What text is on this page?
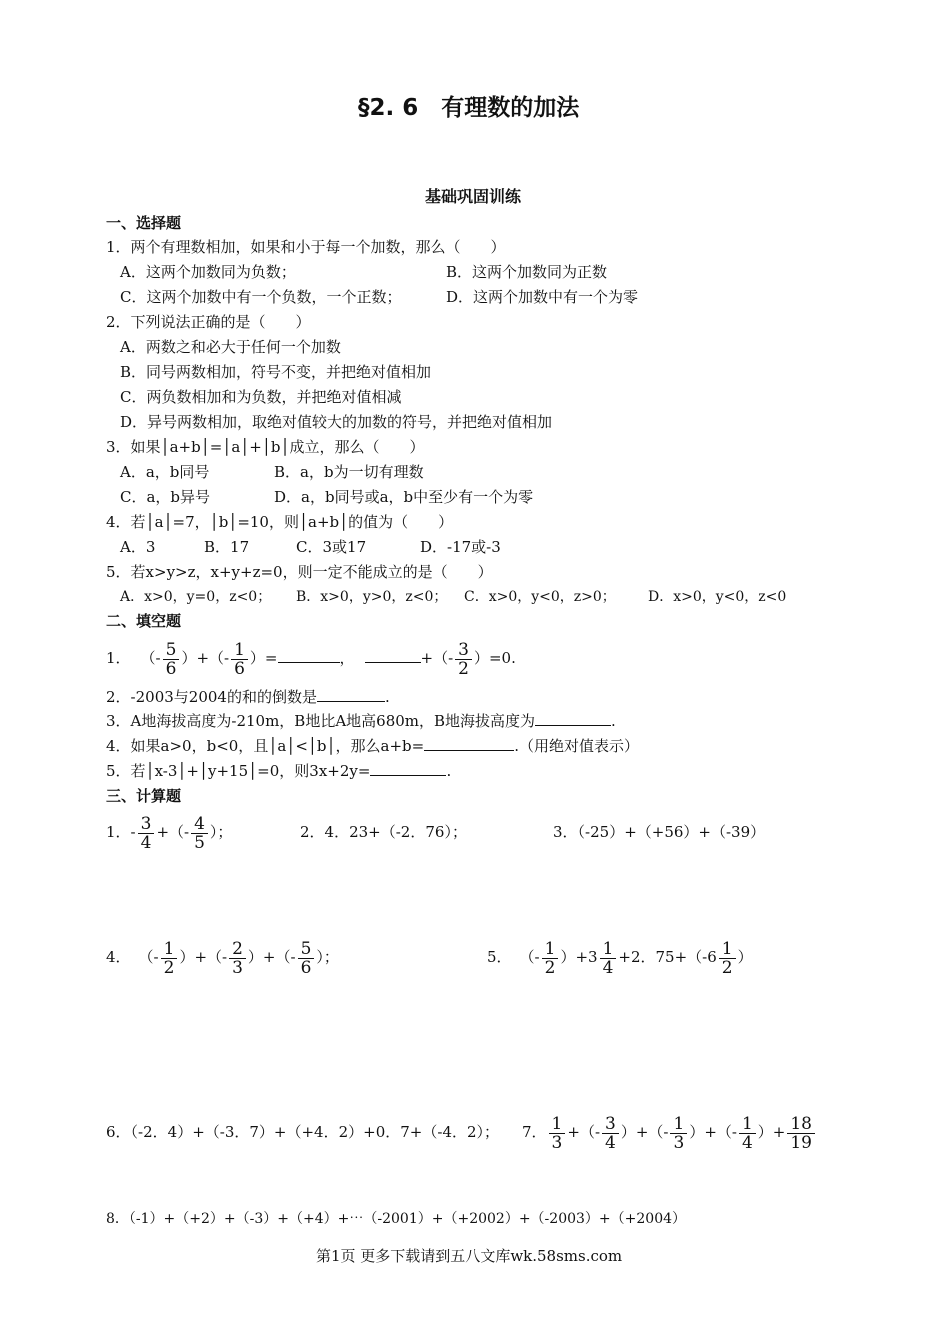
§2. 6　有理数的加法
基础巩固训练
一、选择题
1．两个有理数相加，如果和小于每一个加数，那么（　　）
A．这两个加数同为负数；	B．这两个加数同为正数
C．这两个加数中有一个负数，一个正数；	D．这两个加数中有一个为零
2．下列说法正确的是（　　）
A．两数之和必大于任何一个加数
B．同号两数相加，符号不变，并把绝对值相加
C．两负数相加和为负数，并把绝对值相减
D．异号两数相加，取绝对值较大的加数的符号，并把绝对值相加
3．如果│a+b│=│a│+│b│成立，那么（　　）
A．a，b同号	B．a，b为一切有理数
C．a，b异号	D．a，b同号或a，b中至少有一个为零
4．若│a│=7，│b│=10，则│a+b│的值为（　　）
A．3	B．17	C．3或17	D．-17或-3
5．若x>y>z，x+y+z=0，则一定不能成立的是（　　）
A．x>0，y=0，z<0； B．x>0，y>0，z<0； C．x>0，y<0，z>0； D．x>0，y<0，z<0
二、填空题
1． （- $\frac{5}{6}$ ）+（- $\frac{1}{6}$ ）=	，	+（- $\frac{3}{2} )=0$.
2．-2003与2004的和的倒数是	.
3．A地海拔高度为-210m，B地比A地高680m，B地海拔高度为	.
4．如果a>0，b<0，且│a│<│b│，那么a+b=	.（用绝对值表示）
5．若│x-3│+│y+15│=0，则3x+2y=	.
三、计算题
1．- $\frac{3}{4}$ +（- $\frac{4}{5}$ ）；	2．4．23+（-2．76）；	3．（-25）+（+56）+（-39）
4． （- $\frac{1}{2}$ ）+（- $\frac{2}{3}$ ）+（- $\frac{5}{6}$ ）；	5． （- $\frac{1}{2} )+3 \frac{1}{4} +2$．$75+(-6 \frac{1}{2}$ ）
6．（-2．4）+（-3．7）+（+4．2）+0．7+（-4．2）； 7． $\frac{1}{3}$ +（- $\frac{3}{4}$ ）+（- $\frac{1}{3}$ ）+（- $\frac{1}{4}$ ）+ $\frac{18}{19}$
8．（-1）+（+2）+（-3）+（+4）+⋯（-2001）+（+2002）+（-2003）+（+2004）
第1页 更多下载请到五八文库wk.58sms.com
